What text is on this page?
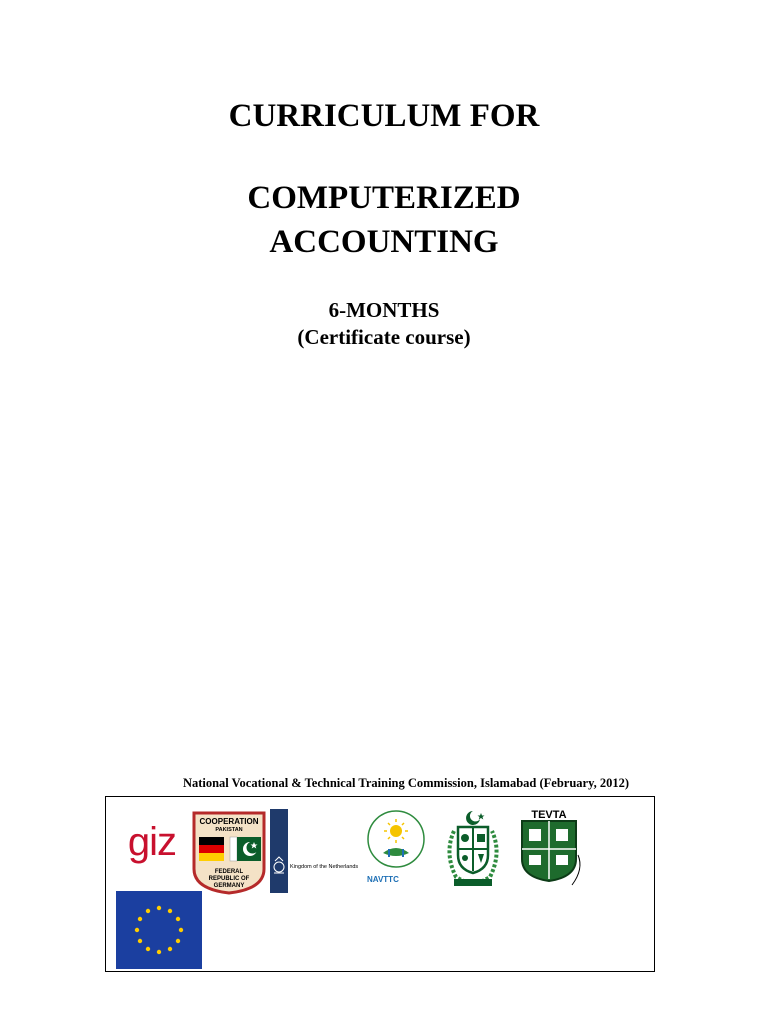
CURRICULUM FOR
COMPUTERIZED
ACCOUNTING
6-MONTHS
(Certificate course)
National Vocational & Technical Training Commission, Islamabad (February, 2012)
giz	COOPERATION
PAKISTAN
FEDERAL
REPUBLIC OF
GERMANY
Kingdom of the Netherlands
NAVTTC
TEVTA
